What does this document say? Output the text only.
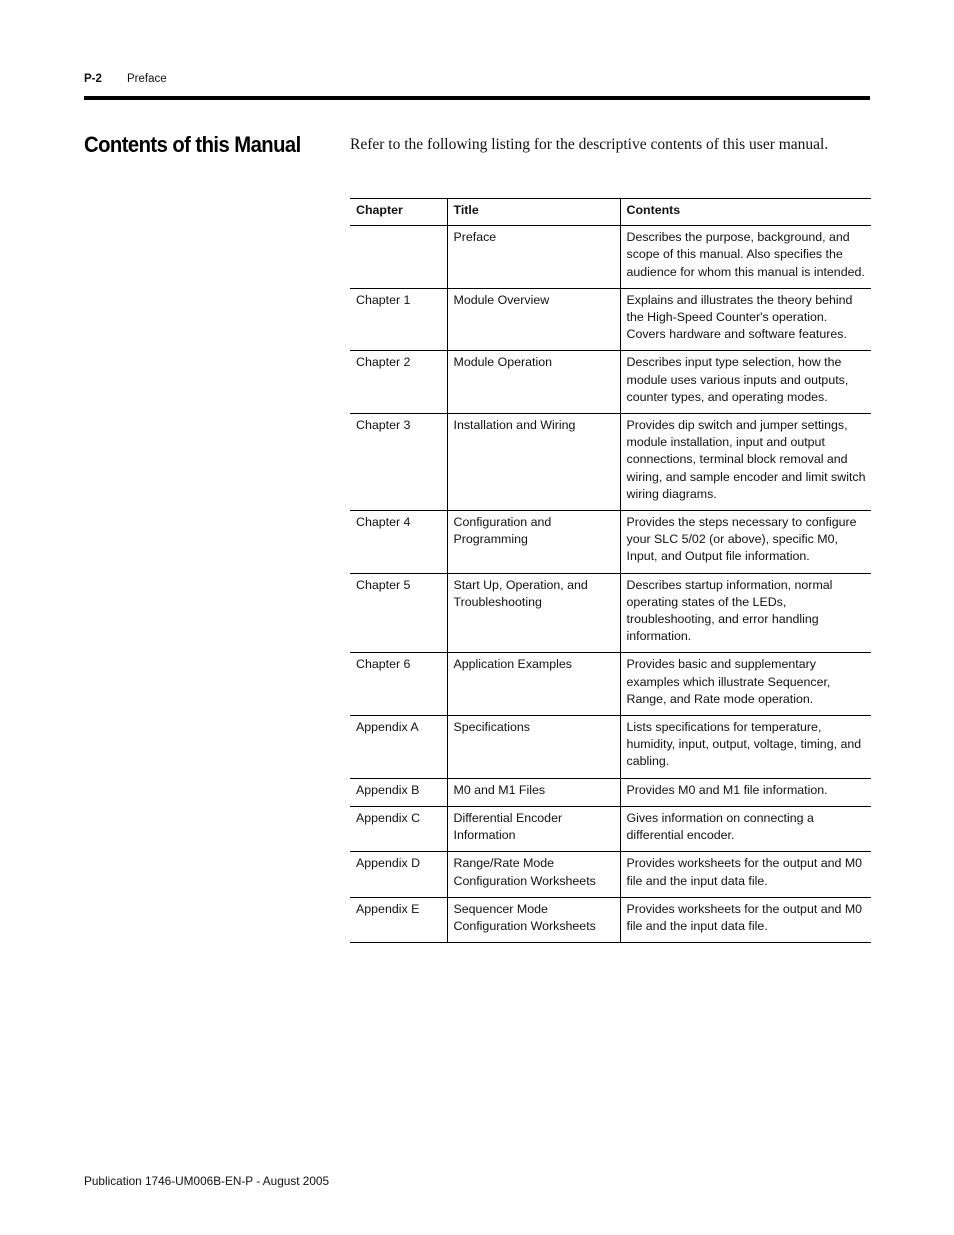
P-2 Preface
Contents of this Manual	Refer to the following listing for the descriptive contents of this user manual.

Chapter	Title	Contents
	Preface	Describes the purpose, background, and scope of this manual. Also specifies the audience for whom this manual is intended.
Chapter 1	Module Overview	Explains and illustrates the theory behind the High-Speed Counter's operation. Covers hardware and software features.
Chapter 2	Module Operation	Describes input type selection, how the module uses various inputs and outputs, counter types, and operating modes.
Chapter 3	Installation and Wiring	Provides dip switch and jumper settings, module installation, input and output connections, terminal block removal and wiring, and sample encoder and limit switch wiring diagrams.
Chapter 4	Configuration and Programming	Provides the steps necessary to configure your SLC 5/02 (or above), specific M0, Input, and Output file information.
Chapter 5	Start Up, Operation, and Troubleshooting	Describes startup information, normal operating states of the LEDs, troubleshooting, and error handling information.
Chapter 6	Application Examples	Provides basic and supplementary examples which illustrate Sequencer, Range, and Rate mode operation.
Appendix A	Specifications	Lists specifications for temperature, humidity, input, output, voltage, timing, and cabling.
Appendix B	M0 and M1 Files	Provides M0 and M1 file information.
Appendix C	Differential Encoder Information	Gives information on connecting a differential encoder.
Appendix D	Range/Rate Mode Configuration Worksheets	Provides worksheets for the output and M0 file and the input data file.
Appendix E	Sequencer Mode Configuration Worksheets	Provides worksheets for the output and M0 file and the input data file.
Publication 1746-UM006B-EN-P - August 2005
